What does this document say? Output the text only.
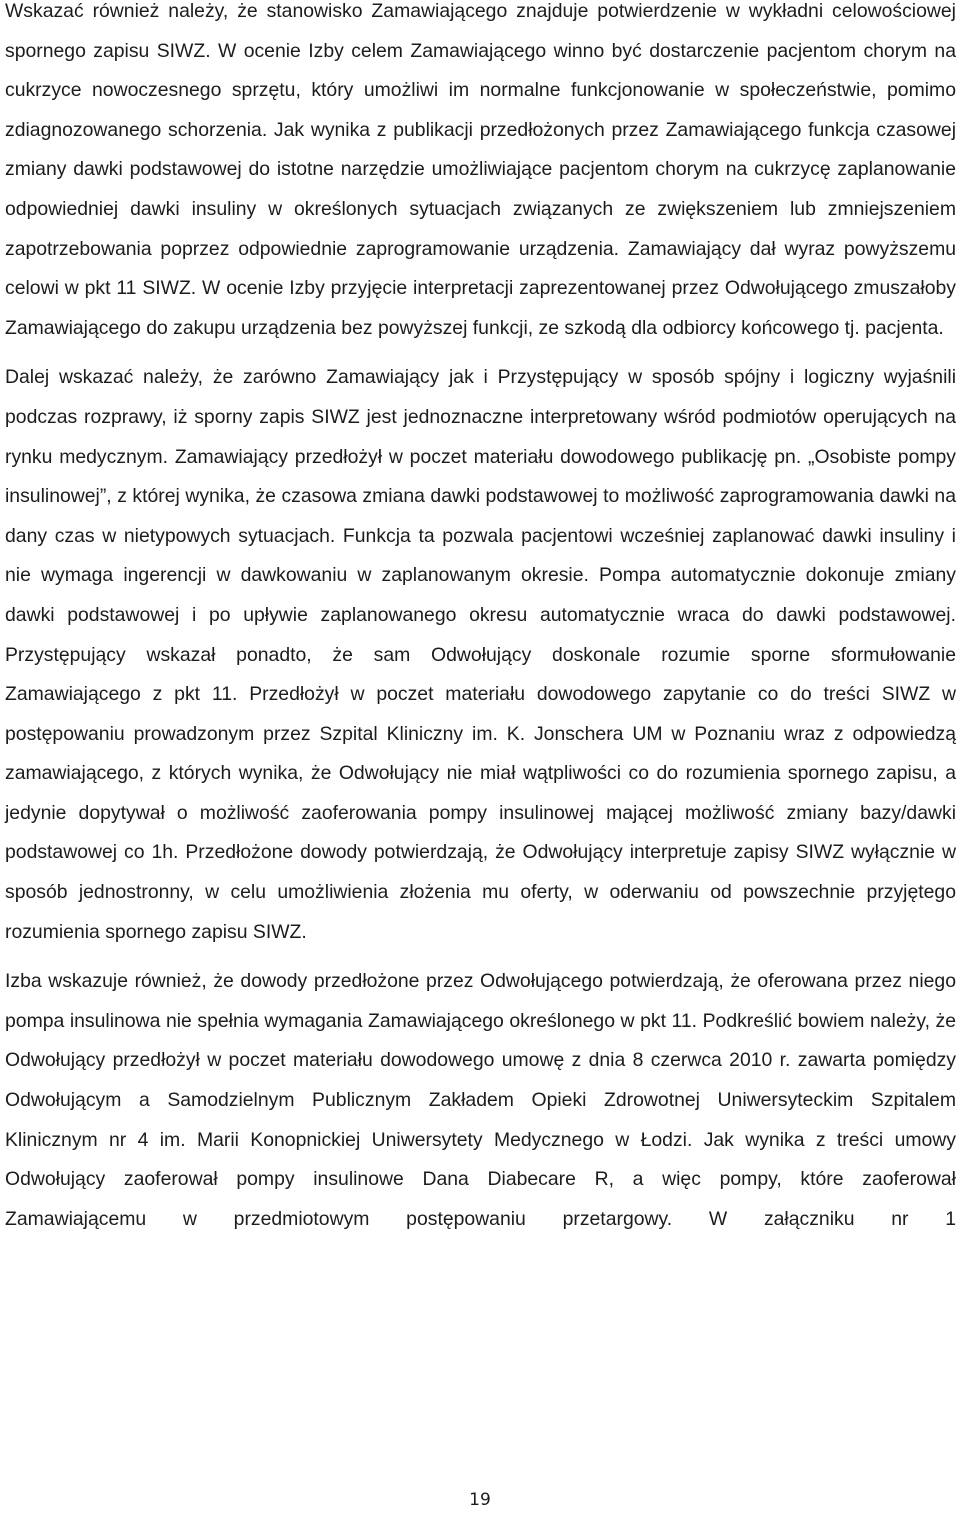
Wskazać również należy, że stanowisko Zamawiającego znajduje potwierdzenie w wykładni celowościowej spornego zapisu SIWZ. W ocenie Izby celem Zamawiającego winno być dostarczenie pacjentom chorym na cukrzyce nowoczesnego sprzętu, który umożliwi im normalne funkcjonowanie w społeczeństwie, pomimo zdiagnozowanego schorzenia. Jak wynika z publikacji przedłożonych przez Zamawiającego funkcja czasowej zmiany dawki podstawowej do istotne narzędzie umożliwiające pacjentom chorym na cukrzycę zaplanowanie odpowiedniej dawki insuliny w określonych sytuacjach związanych ze zwiększeniem lub zmniejszeniem zapotrzebowania poprzez odpowiednie zaprogramowanie urządzenia. Zamawiający dał wyraz powyższemu celowi w pkt 11 SIWZ. W ocenie Izby przyjęcie interpretacji zaprezentowanej przez Odwołującego zmuszałoby Zamawiającego do zakupu urządzenia bez powyższej funkcji, ze szkodą dla odbiorcy końcowego tj. pacjenta.

Dalej wskazać należy, że zarówno Zamawiający jak i Przystępujący w sposób spójny i logiczny wyjaśnili podczas rozprawy, iż sporny zapis SIWZ jest jednoznaczne interpretowany wśród podmiotów operujących na rynku medycznym. Zamawiający przedłożył w poczet materiału dowodowego publikację pn. „Osobiste pompy insulinowej”, z której wynika, że czasowa zmiana dawki podstawowej to możliwość zaprogramowania dawki na dany czas w nietypowych sytuacjach. Funkcja ta pozwala pacjentowi wcześniej zaplanować dawki insuliny i nie wymaga ingerencji w dawkowaniu w zaplanowanym okresie. Pompa automatycznie dokonuje zmiany dawki podstawowej i po upływie zaplanowanego okresu automatycznie wraca do dawki podstawowej. Przystępujący wskazał ponadto, że sam Odwołujący doskonale rozumie sporne sformułowanie Zamawiającego z pkt 11. Przedłożył w poczet materiału dowodowego zapytanie co do treści SIWZ w postępowaniu prowadzonym przez Szpital Kliniczny im. K. Jonschera UM w Poznaniu wraz z odpowiedzą zamawiającego, z których wynika, że Odwołujący nie miał wątpliwości co do rozumienia spornego zapisu, a jedynie dopytywał o możliwość zaoferowania pompy insulinowej mającej możliwość zmiany bazy/dawki podstawowej co 1h. Przedłożone dowody potwierdzają, że Odwołujący interpretuje zapisy SIWZ wyłącznie w sposób jednostronny, w celu umożliwienia złożenia mu oferty, w oderwaniu od powszechnie przyjętego rozumienia spornego zapisu SIWZ.

Izba wskazuje również, że dowody przedłożone przez Odwołującego potwierdzają, że oferowana przez niego pompa insulinowa nie spełnia wymagania Zamawiającego określonego w pkt 11. Podkreślić bowiem należy, że Odwołujący przedłożył w poczet materiału dowodowego umowę z dnia 8 czerwca 2010 r. zawarta pomiędzy Odwołującym a Samodzielnym Publicznym Zakładem Opieki Zdrowotnej Uniwersyteckim Szpitalem Klinicznym nr 4 im. Marii Konopnickiej Uniwersytety Medycznego w Łodzi. Jak wynika z treści umowy Odwołujący zaoferował pompy insulinowe Dana Diabecare R, a więc pompy, które zaoferował Zamawiającemu w przedmiotowym postępowaniu przetargowy. W załączniku nr 1

19
